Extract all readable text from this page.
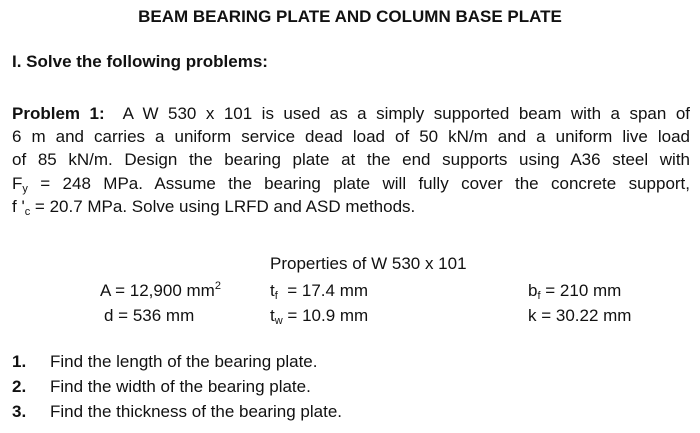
BEAM BEARING PLATE AND COLUMN BASE PLATE
I. Solve the following problems:
Problem 1: A W 530 x 101 is used as a simply supported beam with a span of
6 m and carries a uniform service dead load of 50 kN/m and a uniform live load
of 85 kN/m. Design the bearing plate at the end supports using A36 steel with
$F_y = 248$ MPa. Assume the bearing plate will fully cover the concrete support,
f '$_c = 20.7$ MPa. Solve using LRFD and ASD methods.
Properties of W 530 x 101
A = 12,900 $mm^2$
d = 536 mm
$t_f = 17.4$ mm
$t_w = 10.9$ mm
$b_f = 210$ mm
k = 30.22 mm
1. Find the length of the bearing plate.
2. Find the width of the bearing plate.
3. Find the thickness of the bearing plate.
